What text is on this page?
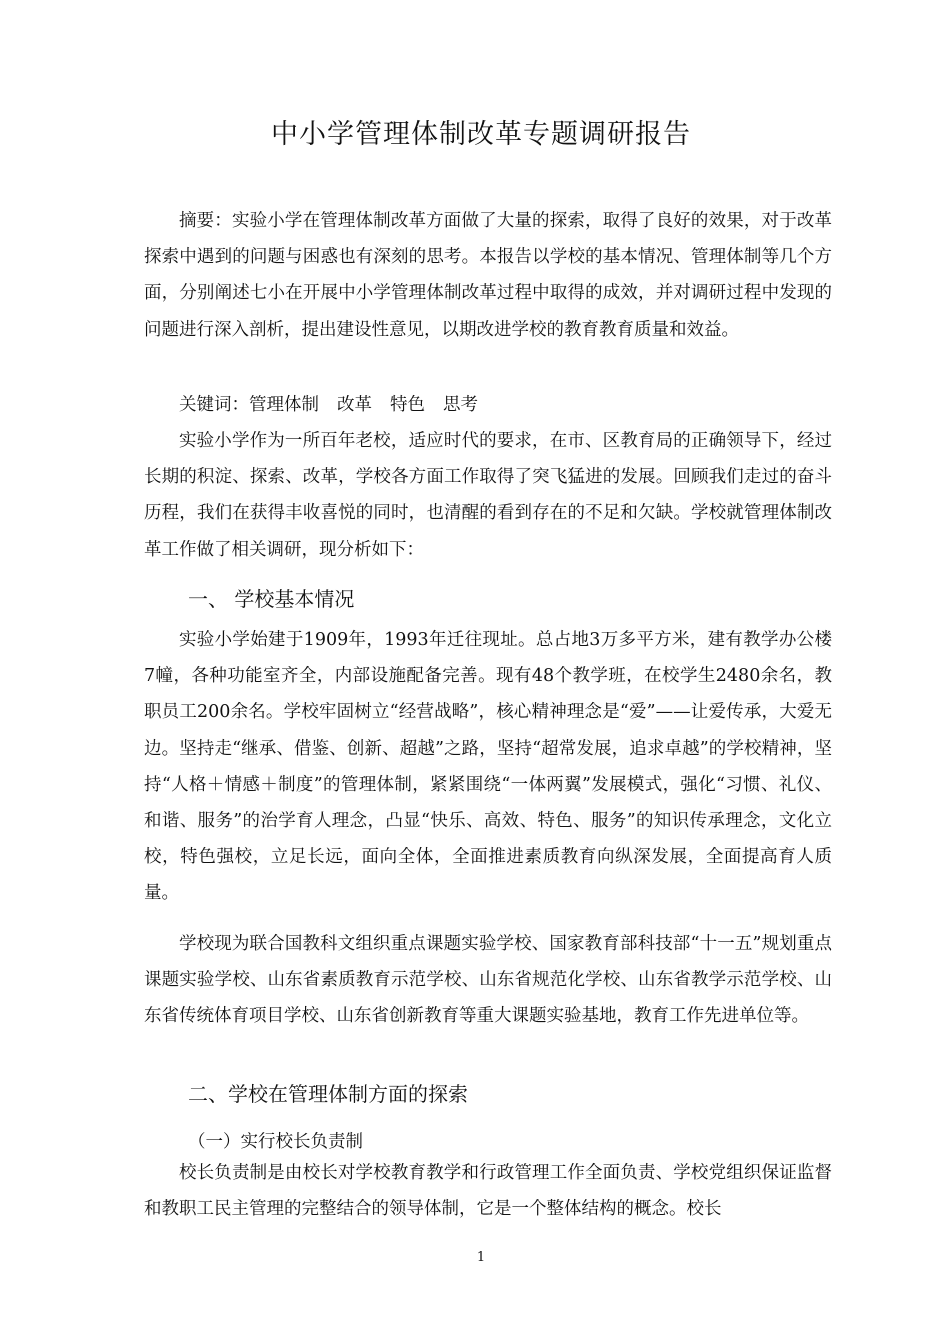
中小学管理体制改革专题调研报告

摘要：实验小学在管理体制改革方面做了大量的探索，取得了良好的效果，对于改革探索中遇到的问题与困惑也有深刻的思考。本报告以学校的基本情况、管理体制等几个方面，分别阐述七小在开展中小学管理体制改革过程中取得的成效，并对调研过程中发现的问题进行深入剖析，提出建设性意见，以期改进学校的教育教育质量和效益。

关键词：管理体制 改革 特色 思考

实验小学作为一所百年老校，适应时代的要求，在市、区教育局的正确领导下，经过长期的积淀、探索、改革，学校各方面工作取得了突飞猛进的发展。回顾我们走过的奋斗历程，我们在获得丰收喜悦的同时，也清醒的看到存在的不足和欠缺。学校就管理体制改革工作做了相关调研，现分析如下：

一、 学校基本情况

实验小学始建于1909年，1993年迁往现址。总占地3万多平方米，建有教学办公楼7幢，各种功能室齐全，内部设施配备完善。现有48个教学班，在校学生2480余名，教职员工200余名。学校牢固树立“经营战略”，核心精神理念是“爱”——让爱传承，大爱无边。坚持走“继承、借鉴、创新、超越”之路，坚持“超常发展，追求卓越”的学校精神，坚持“人格＋情感＋制度”的管理体制，紧紧围绕“一体两翼”发展模式，强化“习惯、礼仪、和谐、服务”的治学育人理念，凸显“快乐、高效、特色、服务”的知识传承理念，文化立校，特色强校，立足长远，面向全体，全面推进素质教育向纵深发展，全面提高育人质量。

学校现为联合国教科文组织重点课题实验学校、国家教育部科技部“十一五”规划重点课题实验学校、山东省素质教育示范学校、山东省规范化学校、山东省教学示范学校、山东省传统体育项目学校、山东省创新教育等重大课题实验基地，教育工作先进单位等。

二、学校在管理体制方面的探索
（一）实行校长负责制

校长负责制是由校长对学校教育教学和行政管理工作全面负责、学校党组织保证监督和教职工民主管理的完整结合的领导体制，它是一个整体结构的概念。校长

1
